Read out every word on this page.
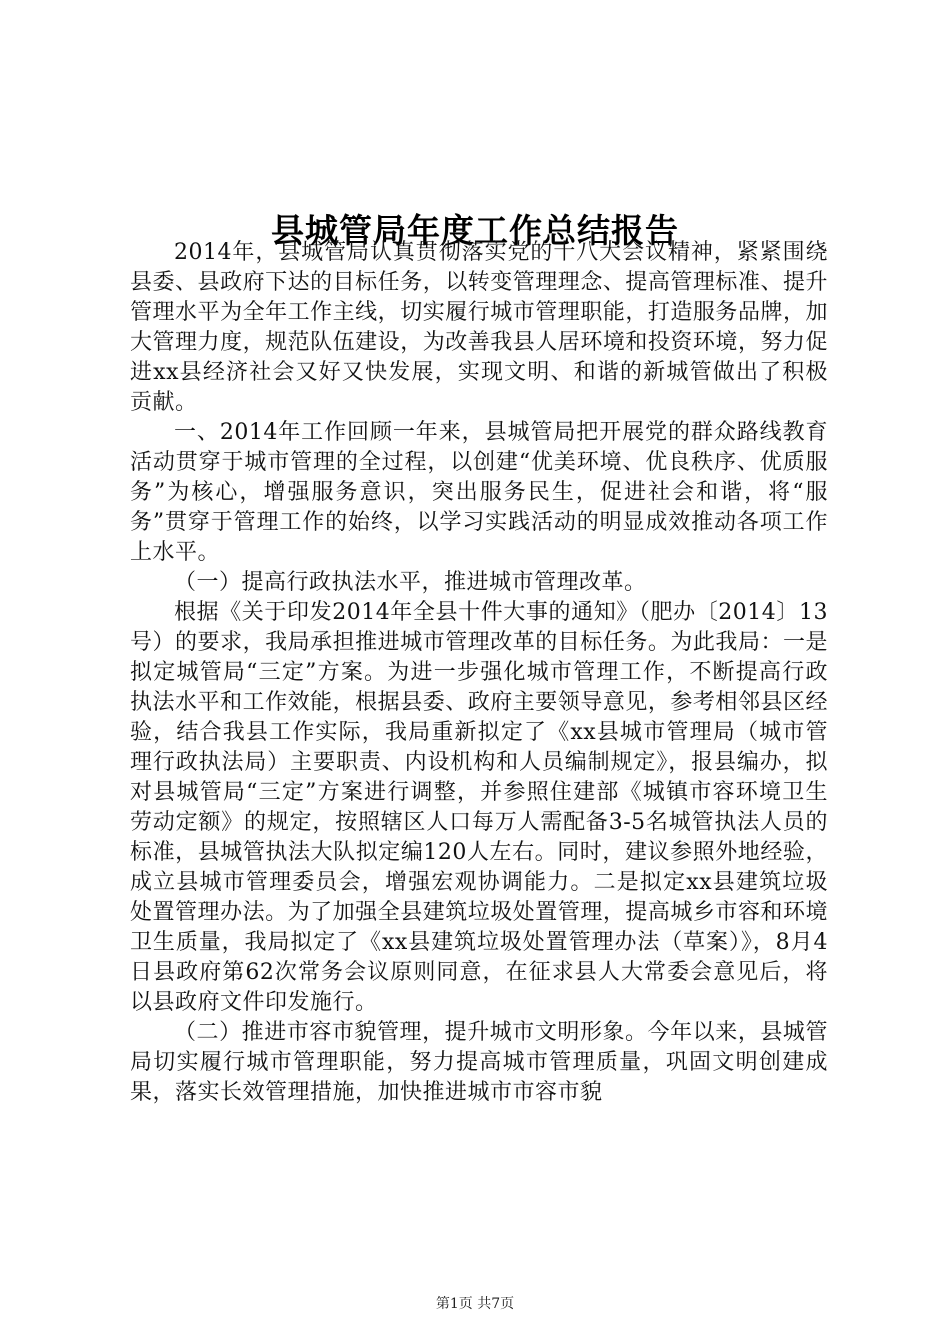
县城管局年度工作总结报告

2014年，县城管局认真贯彻落实党的十八大会议精神，紧紧围绕县委、县政府下达的目标任务，以转变管理理念、提高管理标准、提升管理水平为全年工作主线，切实履行城市管理职能，打造服务品牌，加大管理力度，规范队伍建设，为改善我县人居环境和投资环境，努力促进xx县经济社会又好又快发展，实现文明、和谐的新城管做出了积极贡献。

一、2014年工作回顾一年来，县城管局把开展党的群众路线教育活动贯穿于城市管理的全过程，以创建“优美环境、优良秩序、优质服务”为核心，增强服务意识，突出服务民生，促进社会和谐，将“服务”贯穿于管理工作的始终，以学习实践活动的明显成效推动各项工作上水平。

（一）提高行政执法水平，推进城市管理改革。

根据《关于印发2014年全县十件大事的通知》（肥办〔2014〕13号）的要求，我局承担推进城市管理改革的目标任务。为此我局：一是拟定城管局“三定”方案。为进一步强化城市管理工作，不断提高行政执法水平和工作效能，根据县委、政府主要领导意见，参考相邻县区经验，结合我县工作实际，我局重新拟定了《xx县城市管理局（城市管理行政执法局）主要职责、内设机构和人员编制规定》，报县编办，拟对县城管局“三定”方案进行调整，并参照住建部《城镇市容环境卫生劳动定额》的规定，按照辖区人口每万人需配备3-5名城管执法人员的标准，县城管执法大队拟定编120人左右。同时，建议参照外地经验，成立县城市管理委员会，增强宏观协调能力。二是拟定xx县建筑垃圾处置管理办法。为了加强全县建筑垃圾处置管理，提高城乡市容和环境卫生质量，我局拟定了《xx县建筑垃圾处置管理办法（草案）》，8月4日县政府第62次常务会议原则同意，在征求县人大常委会意见后，将以县政府文件印发施行。

（二）推进市容市貌管理，提升城市文明形象。今年以来，县城管局切实履行城市管理职能，努力提高城市管理质量，巩固文明创建成果，落实长效管理措施，加快推进城市市容市貌

第1页 共7页
